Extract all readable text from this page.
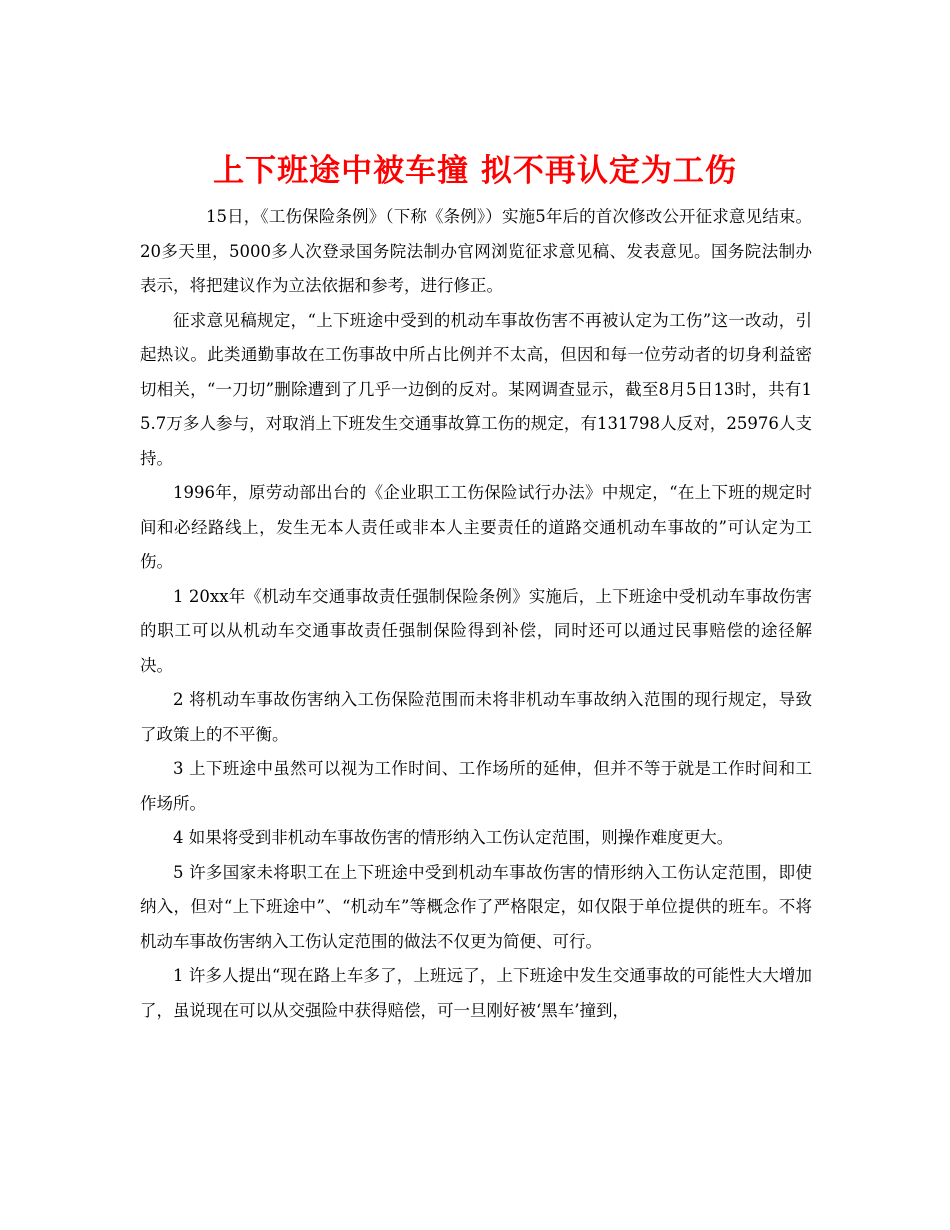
上下班途中被车撞 拟不再认定为工伤

15日，《工伤保险条例》（下称《条例》）实施5年后的首次修改公开征求意见结束。20多天里，5000多人次登录国务院法制办官网浏览征求意见稿、发表意见。国务院法制办表示，将把建议作为立法依据和参考，进行修正。

征求意见稿规定，“上下班途中受到的机动车事故伤害不再被认定为工伤”这一改动，引起热议。此类通勤事故在工伤事故中所占比例并不太高，但因和每一位劳动者的切身利益密切相关，“一刀切”删除遭到了几乎一边倒的反对。某网调查显示，截至8月5日13时，共有15.7万多人参与，对取消上下班发生交通事故算工伤的规定，有131798人反对，25976人支持。

1996年，原劳动部出台的《企业职工工伤保险试行办法》中规定，“在上下班的规定时间和必经路线上，发生无本人责任或非本人主要责任的道路交通机动车事故的”可认定为工伤。

1 20xx年《机动车交通事故责任强制保险条例》实施后，上下班途中受机动车事故伤害的职工可以从机动车交通事故责任强制保险得到补偿，同时还可以通过民事赔偿的途径解决。

2 将机动车事故伤害纳入工伤保险范围而未将非机动车事故纳入范围的现行规定，导致了政策上的不平衡。

3 上下班途中虽然可以视为工作时间、工作场所的延伸，但并不等于就是工作时间和工作场所。

4 如果将受到非机动车事故伤害的情形纳入工伤认定范围，则操作难度更大。

5 许多国家未将职工在上下班途中受到机动车事故伤害的情形纳入工伤认定范围，即使纳入，但对“上下班途中”、“机动车”等概念作了严格限定，如仅限于单位提供的班车。不将机动车事故伤害纳入工伤认定范围的做法不仅更为简便、可行。

1 许多人提出“现在路上车多了，上班远了，上下班途中发生交通事故的可能性大大增加了，虽说现在可以从交强险中获得赔偿，可一旦刚好被‘黑车’撞到，
